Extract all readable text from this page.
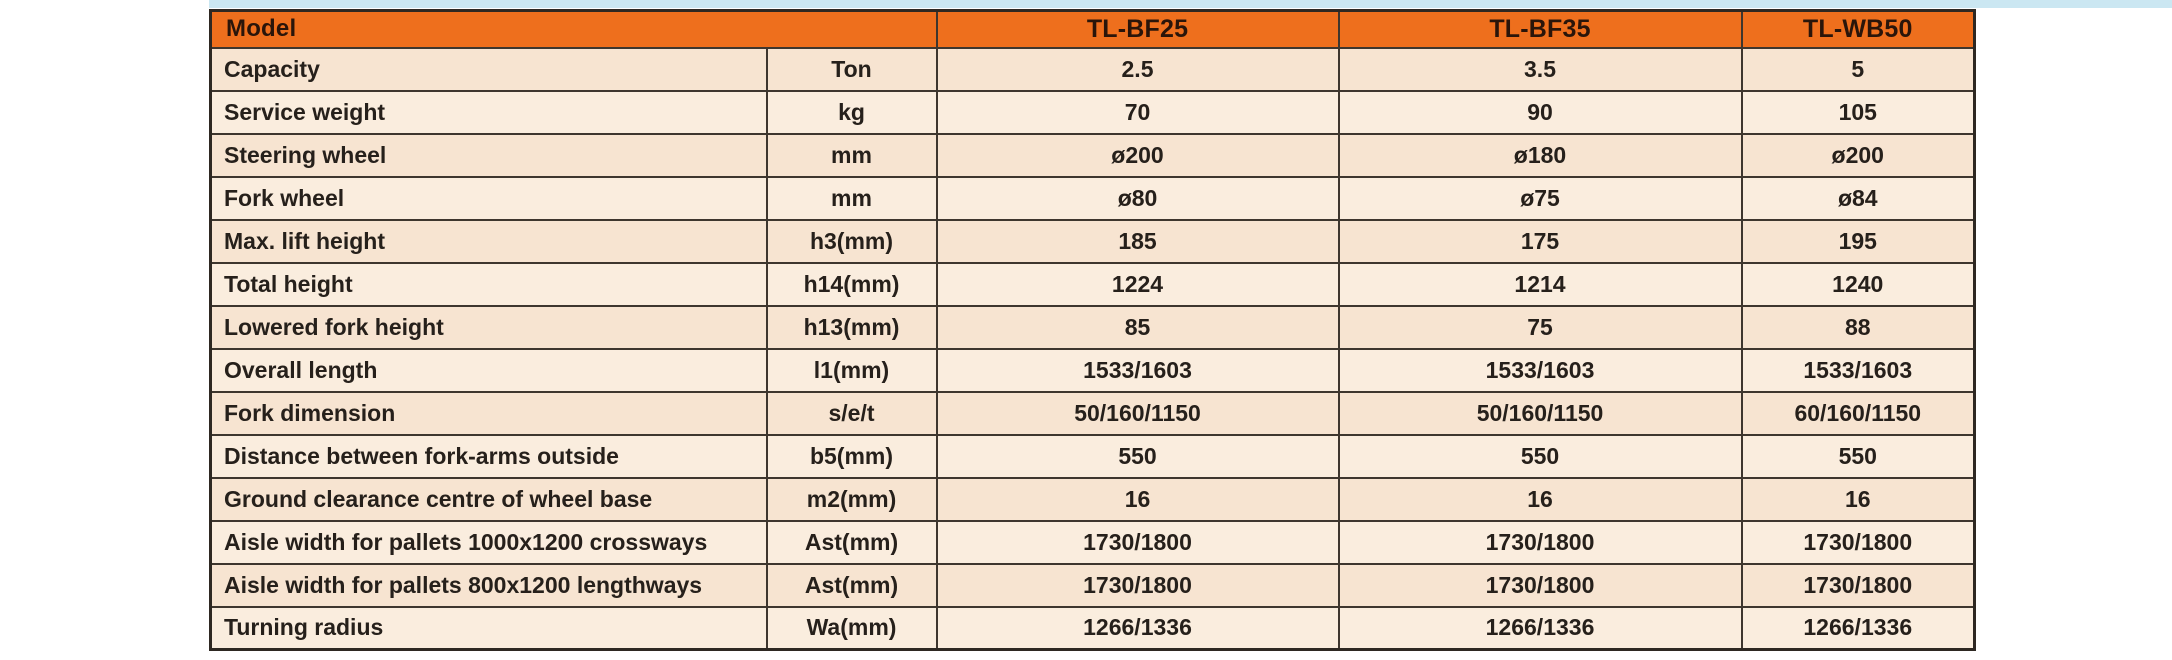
Model		TL-BF25	TL-BF35	TL-WB50
Capacity	Ton	2.5	3.5	5
Service weight	kg	70	90	105
Steering wheel	mm	ø200	ø180	ø200
Fork wheel	mm	ø80	ø75	ø84
Max. lift height	h3(mm)	185	175	195
Total height	h14(mm)	1224	1214	1240
Lowered fork height	h13(mm)	85	75	88
Overall length	l1(mm)	1533/1603	1533/1603	1533/1603
Fork dimension	s/e/t	50/160/1150	50/160/1150	60/160/1150
Distance between fork-arms outside	b5(mm)	550	550	550
Ground clearance centre of wheel base	m2(mm)	16	16	16
Aisle width for pallets 1000x1200 crossways	Ast(mm)	1730/1800	1730/1800	1730/1800
Aisle width for pallets 800x1200 lengthways	Ast(mm)	1730/1800	1730/1800	1730/1800
Turning radius	Wa(mm)	1266/1336	1266/1336	1266/1336
